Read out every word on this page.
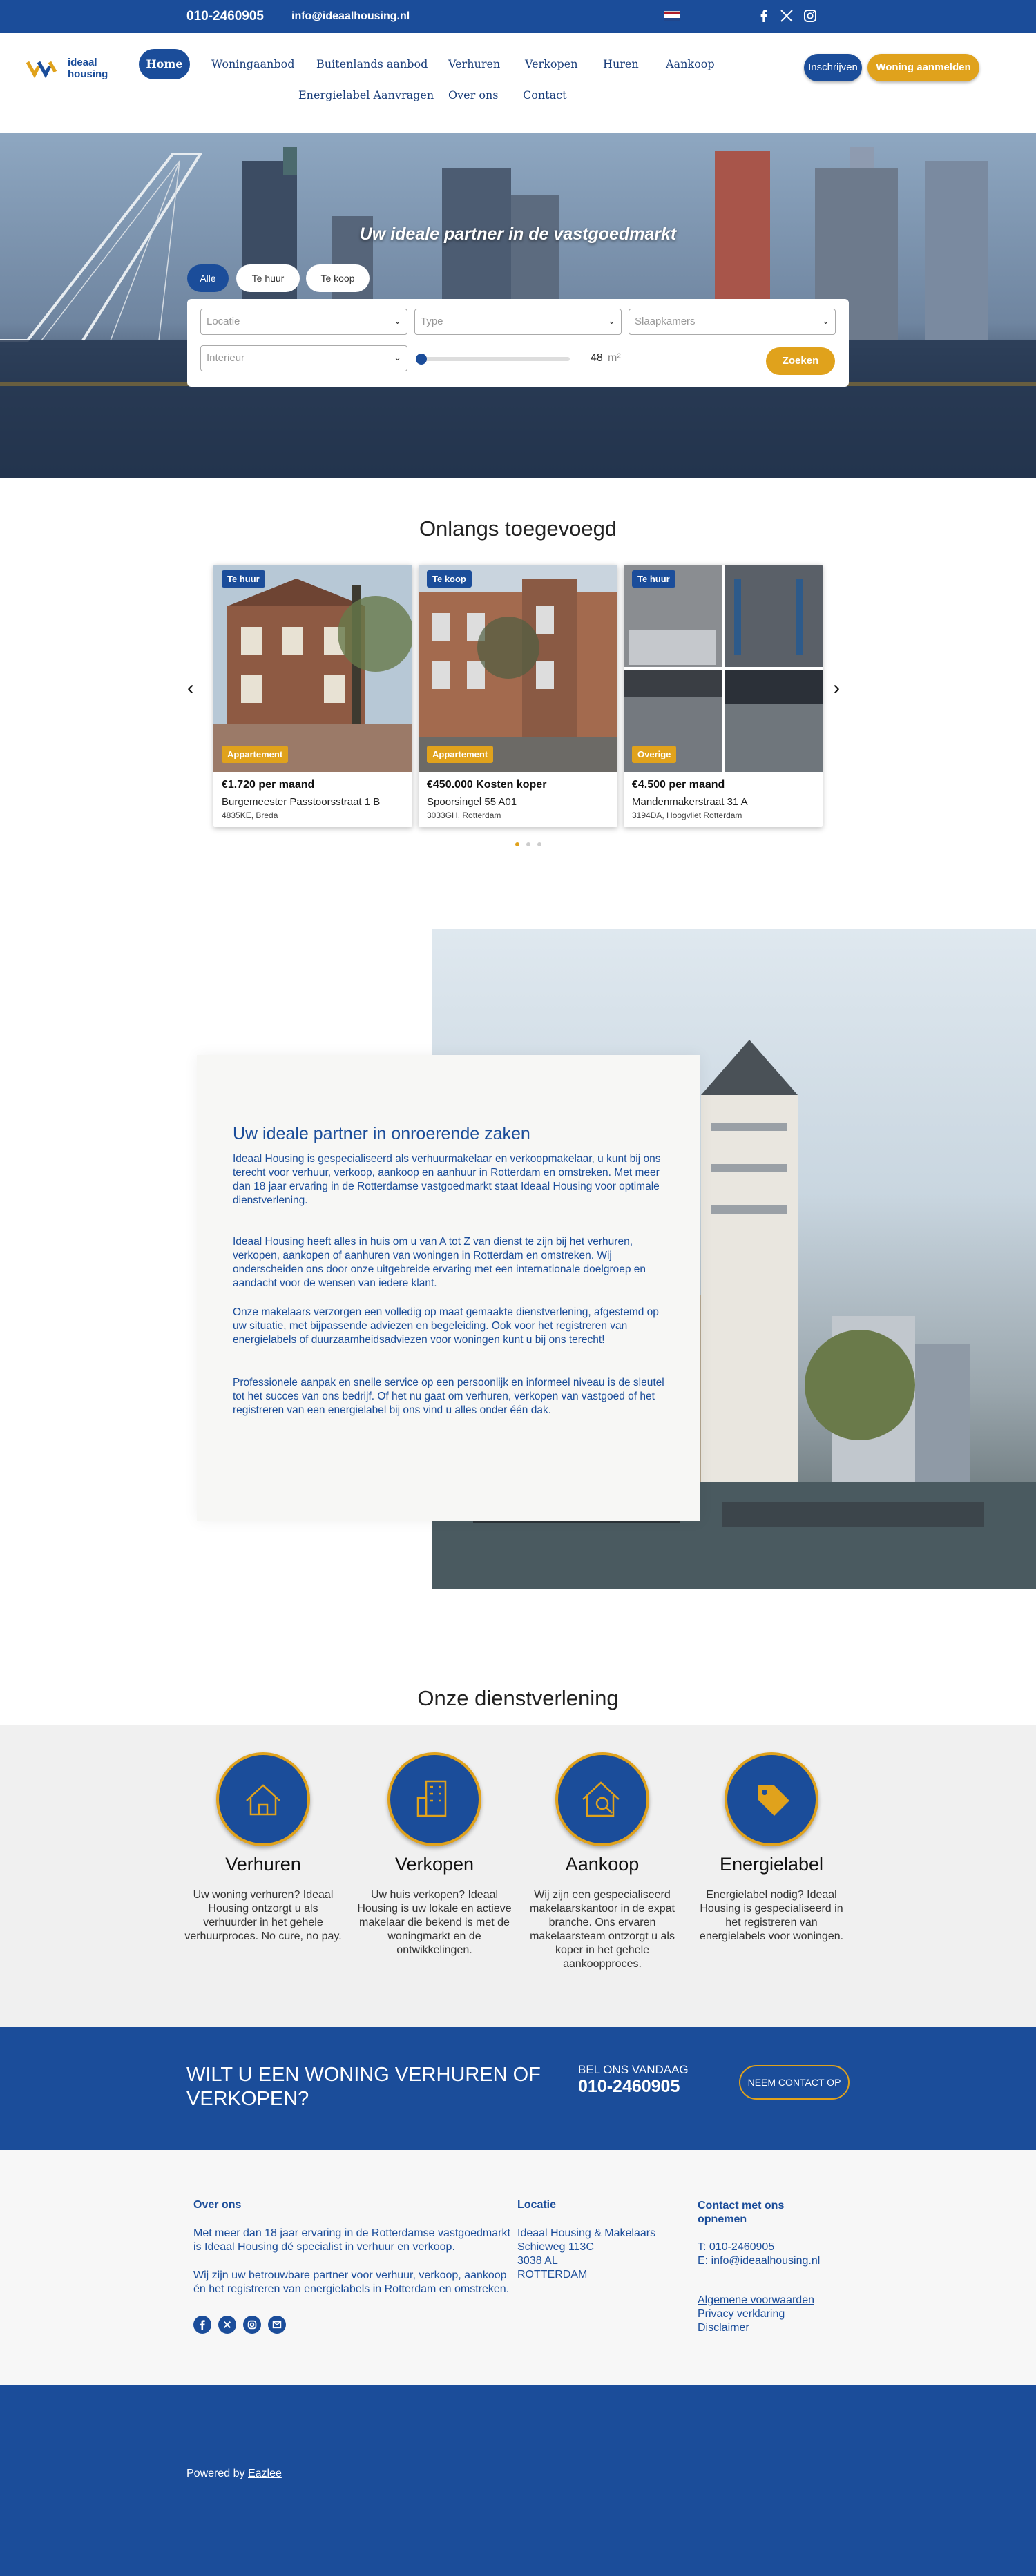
010-2460905	info@ideaalhousing.nl
ideaal
housing
Home	Woningaanbod Buitenlands aanbod Verhuren Verkopen Huren Aankoop
Energielabel Aanvragen Over ons Contact
Inschrijven	Woning aanmelden
Uw ideale partner in de vastgoedmarkt
Alle	Te huur	Te koop
Locatie	⌄	Type	⌄	Slaapkamers	⌄
Interieur	⌄	48 m²	Zoeken
Onlangs toegevoegd
‹	›
Te huur
Appartement
€1.720 per maand
Burgemeester Passtoorsstraat 1 B
4835KE, Breda
Te koop
Appartement
€450.000 Kosten koper
Spoorsingel 55 A01
3033GH, Rotterdam
Te huur
Overige
€4.500 per maand
Mandenmakerstraat 31 A
3194DA, Hoogvliet Rotterdam
Uw ideale partner in onroerende zaken

Ideaal Housing is gespecialiseerd als verhuurmakelaar en verkoopmakelaar, u kunt bij ons terecht voor verhuur, verkoop, aankoop en aanhuur in Rotterdam en omstreken. Met meer dan 18 jaar ervaring in de Rotterdamse vastgoedmarkt staat Ideaal Housing voor optimale dienstverlening.

Ideaal Housing heeft alles in huis om u van A tot Z van dienst te zijn bij het verhuren, verkopen, aankopen of aanhuren van woningen in Rotterdam en omstreken. Wij onderscheiden ons door onze uitgebreide ervaring met een internationale doelgroep en aandacht voor de wensen van iedere klant.

Onze makelaars verzorgen een volledig op maat gemaakte dienstverlening, afgestemd op uw situatie, met bijpassende adviezen en begeleiding. Ook voor het registreren van energielabels of duurzaamheidsadviezen voor woningen kunt u bij ons terecht!

Professionele aanpak en snelle service op een persoonlijk en informeel niveau is de sleutel tot het succes van ons bedrijf. Of het nu gaat om verhuren, verkopen van vastgoed of het registreren van een energielabel bij ons vind u alles onder één dak.

Onze dienstverlening
Verhuren
Uw woning verhuren? Ideaal Housing ontzorgt u als verhuurder in het gehele verhuurproces. No cure, no pay.
Verkopen
Uw huis verkopen? Ideaal Housing is uw lokale en actieve makelaar die bekend is met de woningmarkt en de ontwikkelingen.
Aankoop
Wij zijn een gespecialiseerd makelaarskantoor in de expat branche. Ons ervaren makelaarsteam ontzorgt u als koper in het gehele aankoopproces.
Energielabel
Energielabel nodig? Ideaal Housing is gespecialiseerd in het registreren van energielabels voor woningen.
WILT U EEN WONING VERHUREN OF VERKOPEN?
BEL ONS VANDAAG
010-2460905	NEEM CONTACT OP
Over ons
Met meer dan 18 jaar ervaring in de Rotterdamse vastgoedmarkt is Ideaal Housing dé specialist in verhuur en verkoop.
Wij zijn uw betrouwbare partner voor verhuur, verkoop, aankoop én het registreren van energielabels in Rotterdam en omstreken.
Locatie
Ideaal Housing & Makelaars
Schieweg 113C
3038 AL
ROTTERDAM
Contact met ons opnemen
T: 010-2460905
E: info@ideaalhousing.nl
Algemene voorwaarden
Privacy verklaring
Disclaimer
Powered by Eazlee
